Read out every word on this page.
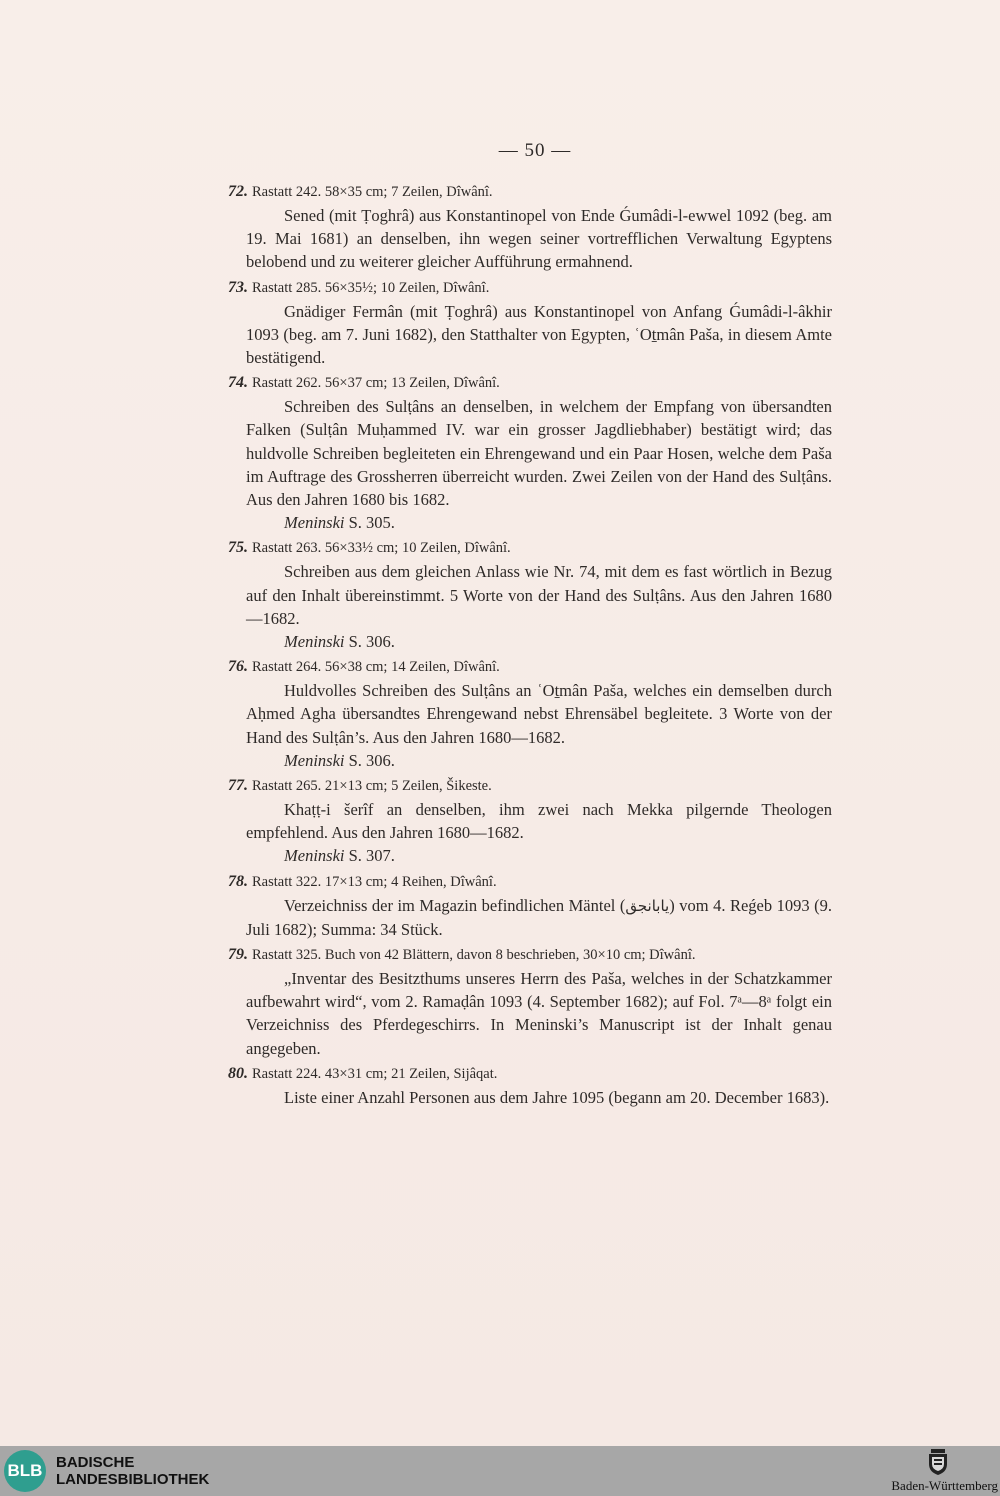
— 50 —
72. Rastatt 242. 58×35 cm; 7 Zeilen, Dîwânî.
Sened (mit Ṭoghrâ) aus Konstantinopel von Ende Ǵumâdi-l-ewwel 1092 (beg. am 19. Mai 1681) an denselben, ihn wegen seiner vortrefflichen Verwaltung Egyptens belobend und zu weiterer gleicher Aufführung ermahnend.
73. Rastatt 285. 56×35½; 10 Zeilen, Dîwânî.
Gnädiger Fermân (mit Ṭoghrâ) aus Konstantinopel von Anfang Ǵumâdi-l-âkhir 1093 (beg. am 7. Juni 1682), den Statthalter von Egypten, ʿOṯmân Paša, in diesem Amte bestätigend.
74. Rastatt 262. 56×37 cm; 13 Zeilen, Dîwânî.
Schreiben des Sulṭâns an denselben, in welchem der Empfang von übersandten Falken (Sulṭân Muḥammed IV. war ein grosser Jagdliebhaber) bestätigt wird; das huldvolle Schreiben begleiteten ein Ehrengewand und ein Paar Hosen, welche dem Paša im Auftrage des Grossherren überreicht wurden. Zwei Zeilen von der Hand des Sulṭâns. Aus den Jahren 1680 bis 1682.
Meninski S. 305.
75. Rastatt 263. 56×33½ cm; 10 Zeilen, Dîwânî.
Schreiben aus dem gleichen Anlass wie Nr. 74, mit dem es fast wörtlich in Bezug auf den Inhalt übereinstimmt. 5 Worte von der Hand des Sulṭâns. Aus den Jahren 1680—1682.
Meninski S. 306.
76. Rastatt 264. 56×38 cm; 14 Zeilen, Dîwânî.
Huldvolles Schreiben des Sulṭâns an ʿOṯmân Paša, welches ein demselben durch Aḥmed Agha übersandtes Ehrengewand nebst Ehrensäbel begleitete. 3 Worte von der Hand des Sulṭân’s. Aus den Jahren 1680—1682.
Meninski S. 306.
77. Rastatt 265. 21×13 cm; 5 Zeilen, Šikeste.
Khaṭṭ-i šerîf an denselben, ihm zwei nach Mekka pilgernde Theologen empfehlend. Aus den Jahren 1680—1682.
Meninski S. 307.
78. Rastatt 322. 17×13 cm; 4 Reihen, Dîwânî.
Verzeichniss der im Magazin befindlichen Mäntel (يابانجق) vom 4. Reǵeb 1093 (9. Juli 1682); Summa: 34 Stück.
79. Rastatt 325. Buch von 42 Blättern, davon 8 beschrieben, 30×10 cm; Dîwânî.
„Inventar des Besitzthums unseres Herrn des Paša, welches in der Schatzkammer aufbewahrt wird“, vom 2. Ramaḍân 1093 (4. September 1682); auf Fol. 7ᵃ—8ᵃ folgt ein Verzeichniss des Pferdegeschirrs. In Meninski’s Manuscript ist der Inhalt genau angegeben.
80. Rastatt 224. 43×31 cm; 21 Zeilen, Sijâqat.
Liste einer Anzahl Personen aus dem Jahre 1095 (begann am 20. December 1683).
BLB BADISCHE
LANDESBIBLIOTHEK	Baden-Württemberg
